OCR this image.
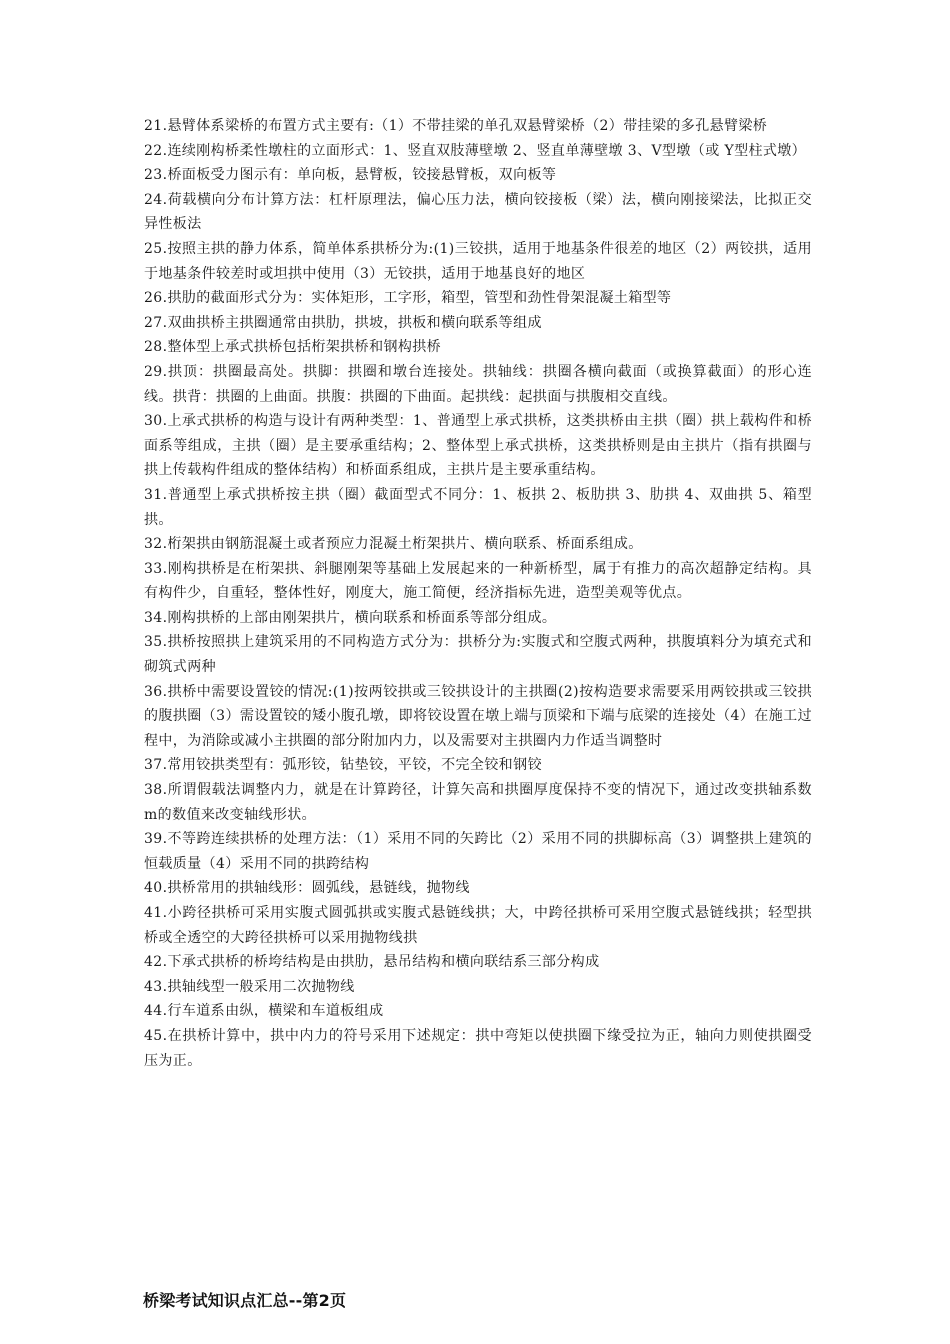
21.悬臂体系梁桥的布置方式主要有:（1）不带挂梁的单孔双悬臂梁桥（2）带挂梁的多孔悬臂梁桥

22.连续刚构桥柔性墩柱的立面形式：1、竖直双肢薄壁墩 2、竖直单薄壁墩 3、V型墩（或 Y型柱式墩）

23.桥面板受力图示有：单向板，悬臂板，铰接悬臂板，双向板等

24.荷载横向分布计算方法：杠杆原理法，偏心压力法，横向铰接板（梁）法，横向刚接梁法，比拟正交异性板法

25.按照主拱的静力体系，简单体系拱桥分为:(1)三铰拱，适用于地基条件很差的地区（2）两铰拱，适用于地基条件较差时或坦拱中使用（3）无铰拱，适用于地基良好的地区

26.拱肋的截面形式分为：实体矩形，工字形，箱型，管型和劲性骨架混凝土箱型等

27.双曲拱桥主拱圈通常由拱肋，拱坡，拱板和横向联系等组成

28.整体型上承式拱桥包括桁架拱桥和钢构拱桥

29.拱顶：拱圈最高处。拱脚：拱圈和墩台连接处。拱轴线：拱圈各横向截面（或换算截面）的形心连线。拱背：拱圈的上曲面。拱腹：拱圈的下曲面。起拱线：起拱面与拱腹相交直线。

30.上承式拱桥的构造与设计有两种类型：1、普通型上承式拱桥，这类拱桥由主拱（圈）拱上载构件和桥面系等组成，主拱（圈）是主要承重结构；2、整体型上承式拱桥，这类拱桥则是由主拱片（指有拱圈与拱上传载构件组成的整体结构）和桥面系组成，主拱片是主要承重结构。

31.普通型上承式拱桥按主拱（圈）截面型式不同分：1、板拱 2、板肋拱 3、肋拱 4、双曲拱 5、箱型拱。

32.桁架拱由钢筋混凝土或者预应力混凝土桁架拱片、横向联系、桥面系组成。

33.刚构拱桥是在桁架拱、斜腿刚架等基础上发展起来的一种新桥型，属于有推力的高次超静定结构。具有构件少，自重轻，整体性好，刚度大，施工简便，经济指标先进，造型美观等优点。

34.刚构拱桥的上部由刚架拱片，横向联系和桥面系等部分组成。

35.拱桥按照拱上建筑采用的不同构造方式分为：拱桥分为:实腹式和空腹式两种，拱腹填料分为填充式和砌筑式两种

36.拱桥中需要设置铰的情况:(1)按两铰拱或三铰拱设计的主拱圈(2)按构造要求需要采用两铰拱或三铰拱的腹拱圈（3）需设置铰的矮小腹孔墩，即将铰设置在墩上端与顶梁和下端与底梁的连接处（4）在施工过程中，为消除或减小主拱圈的部分附加内力，以及需要对主拱圈内力作适当调整时

37.常用铰拱类型有：弧形铰，钻垫铰，平铰，不完全铰和钢铰

38.所谓假载法调整内力，就是在计算跨径，计算矢高和拱圈厚度保持不变的情况下，通过改变拱轴系数 m的数值来改变轴线形状。

39.不等跨连续拱桥的处理方法：（1）采用不同的矢跨比（2）采用不同的拱脚标高（3）调整拱上建筑的恒载质量（4）采用不同的拱跨结构

40.拱桥常用的拱轴线形：圆弧线，悬链线，抛物线

41.小跨径拱桥可采用实腹式圆弧拱或实腹式悬链线拱；大，中跨径拱桥可采用空腹式悬链线拱；轻型拱桥或全透空的大跨径拱桥可以采用抛物线拱

42.下承式拱桥的桥垮结构是由拱肋，悬吊结构和横向联结系三部分构成

43.拱轴线型一般采用二次抛物线

44.行车道系由纵，横梁和车道板组成

45.在拱桥计算中，拱中内力的符号采用下述规定：拱中弯矩以使拱圈下缘受拉为正，轴向力则使拱圈受压为正。

桥梁考试知识点汇总--第2页
